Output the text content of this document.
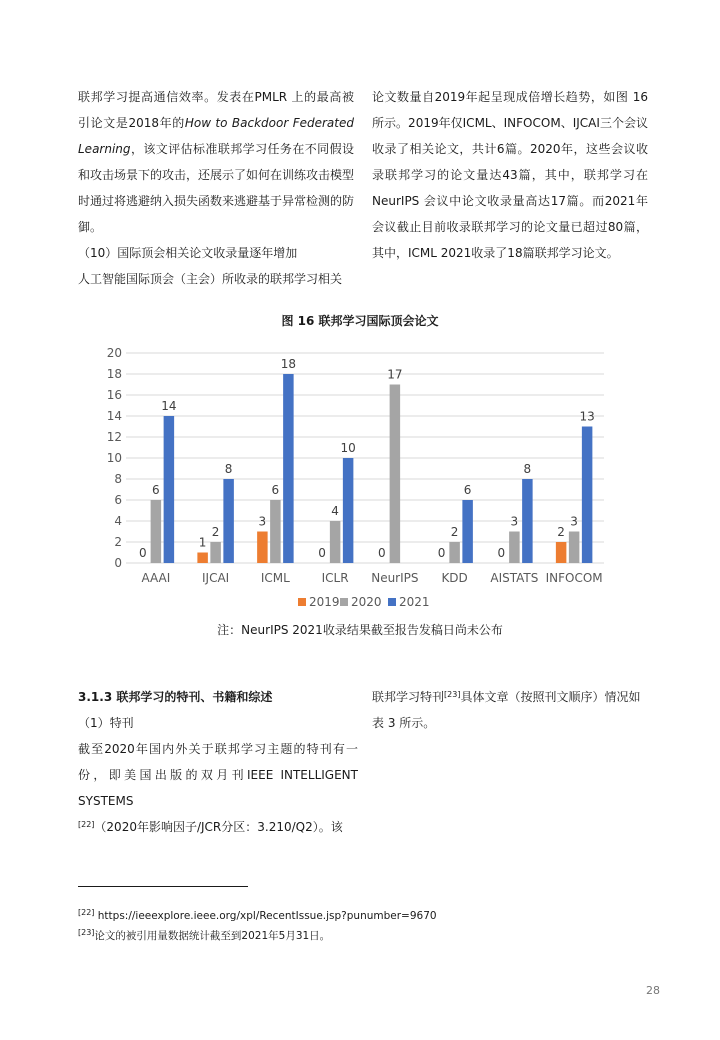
联邦学习提高通信效率。发表在PMLR 上的最高被引论文是2018年的How to Backdoor Federated Learning，该文评估标准联邦学习任务在不同假设和攻击场景下的攻击，还展示了如何在训练攻击模型时通过将逃避纳入损失函数来逃避基于异常检测的防御。

（10）国际顶会相关论文收录量逐年增加

人工智能国际顶会（主会）所收录的联邦学习相关

论文数量自2019年起呈现成倍增长趋势，如图 16 所示。2019年仅ICML、INFOCOM、IJCAI三个会议收录了相关论文，共计6篇。2020年，这些会议收录联邦学习的论文量达43篇，其中，联邦学习在NeurIPS 会议中论文收录量高达17篇。而2021年会议截止目前收录联邦学习的论文量已超过80篇，其中，ICML 2021收录了18篇联邦学习论文。

图 16 联邦学习国际顶会论文
0
2
4
6
8
10
12
14
16
18
20
0
6
14
AAAI
1
2
8
IJCAI
3
6
18
ICML
0
4
10
ICLR
0
17
NeurIPS
0
2
6
KDD
0
3
8
AISTATS
2
3
13
INFOCOM
2019 2020 2021
注：NeurIPS 2021收录结果截至报告发稿日尚未公布

3.1.3 联邦学习的特刊、书籍和综述

（1）特刊

截至2020年国内外关于联邦学习主题的特刊有一份，即美国出版的双月刊IEEE INTELLIGENT SYSTEMS
[22]（2020年影响因子/JCR分区：3.210/Q2）。该

联邦学习特刊[23]具体文章（按照刊文顺序）情况如表 3 所示。

[22] https://ieeexplore.ieee.org/xpl/RecentIssue.jsp?punumber=9670
[23]论文的被引用量数据统计截至到2021年5月31日。
28
